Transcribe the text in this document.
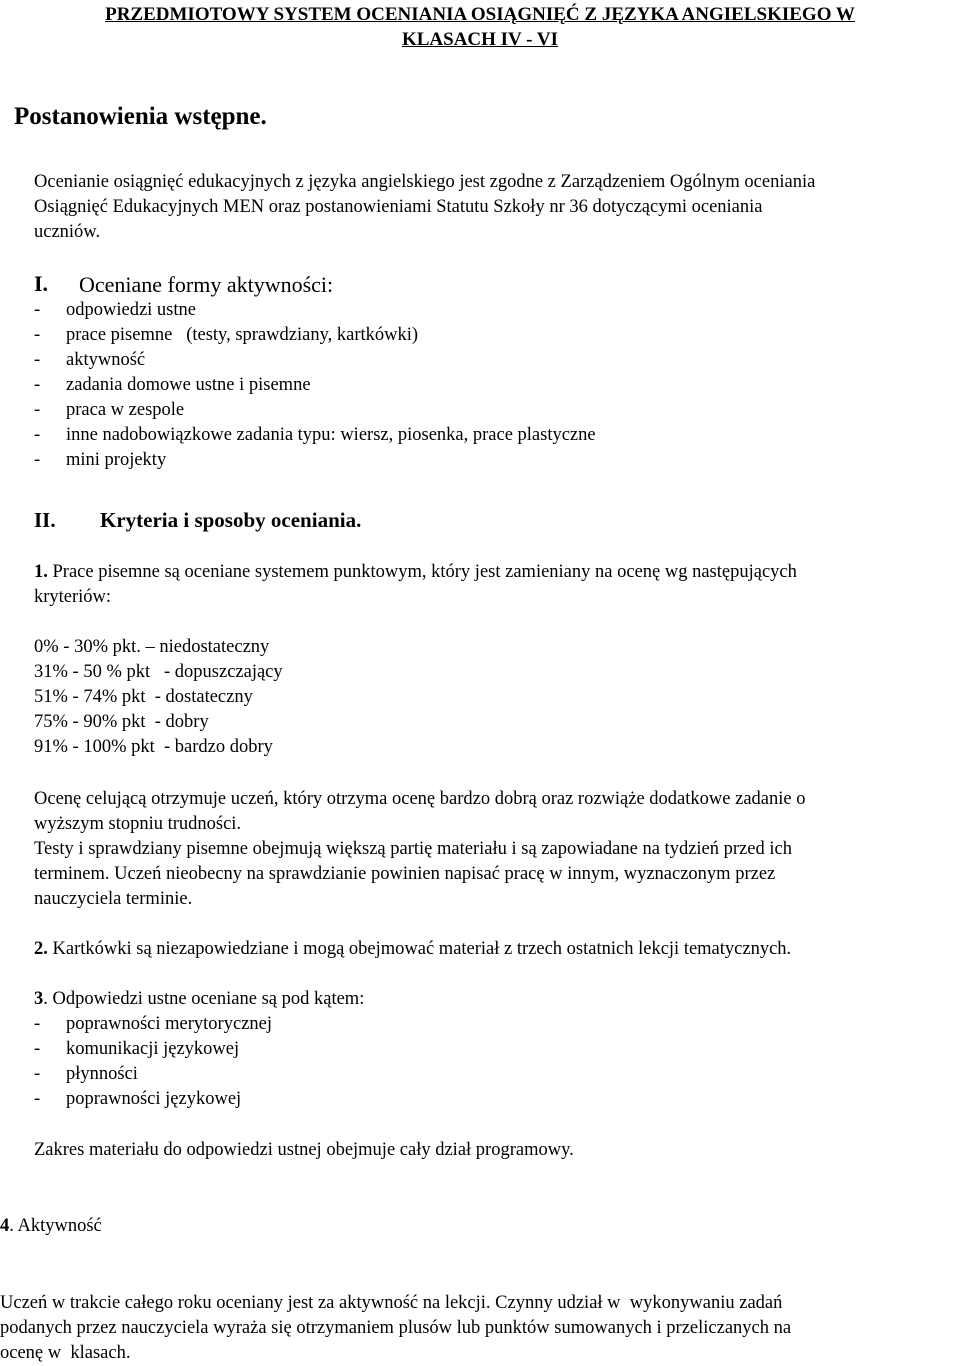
PRZEDMIOTOWY SYSTEM OCENIANIA OSIĄGNIĘĆ Z JĘZYKA ANGIELSKIEGO W
KLASACH IV - VI
Postanowienia wstępne.
Ocenianie osiągnięć edukacyjnych z języka angielskiego jest zgodne z Zarządzeniem Ogólnym oceniania
Osiągnięć Edukacyjnych MEN oraz postanowieniami Statutu Szkoły nr 36 dotyczącymi oceniania
uczniów.
I. Oceniane formy aktywności:
- odpowiedzi ustne
- prace pisemne   (testy, sprawdziany, kartkówki)
- aktywność
- zadania domowe ustne i pisemne
- praca w zespole
- inne nadobowiązkowe zadania typu: wiersz, piosenka, prace plastyczne
- mini projekty
II. Kryteria i sposoby oceniania.
1. Prace pisemne są oceniane systemem punktowym, który jest zamieniany na ocenę wg następujących
kryteriów:
0% - 30% pkt. – niedostateczny
31% - 50 % pkt   - dopuszczający
51% - 74% pkt  - dostateczny
75% - 90% pkt  - dobry
91% - 100% pkt  - bardzo dobry
Ocenę celującą otrzymuje uczeń, który otrzyma ocenę bardzo dobrą oraz rozwiąże dodatkowe zadanie o
wyższym stopniu trudności.
Testy i sprawdziany pisemne obejmują większą partię materiału i są zapowiadane na tydzień przed ich
terminem. Uczeń nieobecny na sprawdzianie powinien napisać pracę w innym, wyznaczonym przez
nauczyciela terminie.
2. Kartkówki są niezapowiedziane i mogą obejmować materiał z trzech ostatnich lekcji tematycznych.
3. Odpowiedzi ustne oceniane są pod kątem:
- poprawności merytorycznej
- komunikacji językowej
- płynności
- poprawności językowej
Zakres materiału do odpowiedzi ustnej obejmuje cały dział programowy.
4. Aktywność
Uczeń w trakcie całego roku oceniany jest za aktywność na lekcji. Czynny udział w  wykonywaniu zadań
podanych przez nauczyciela wyraża się otrzymaniem plusów lub punktów sumowanych i przeliczanych na
ocenę w  klasach.
